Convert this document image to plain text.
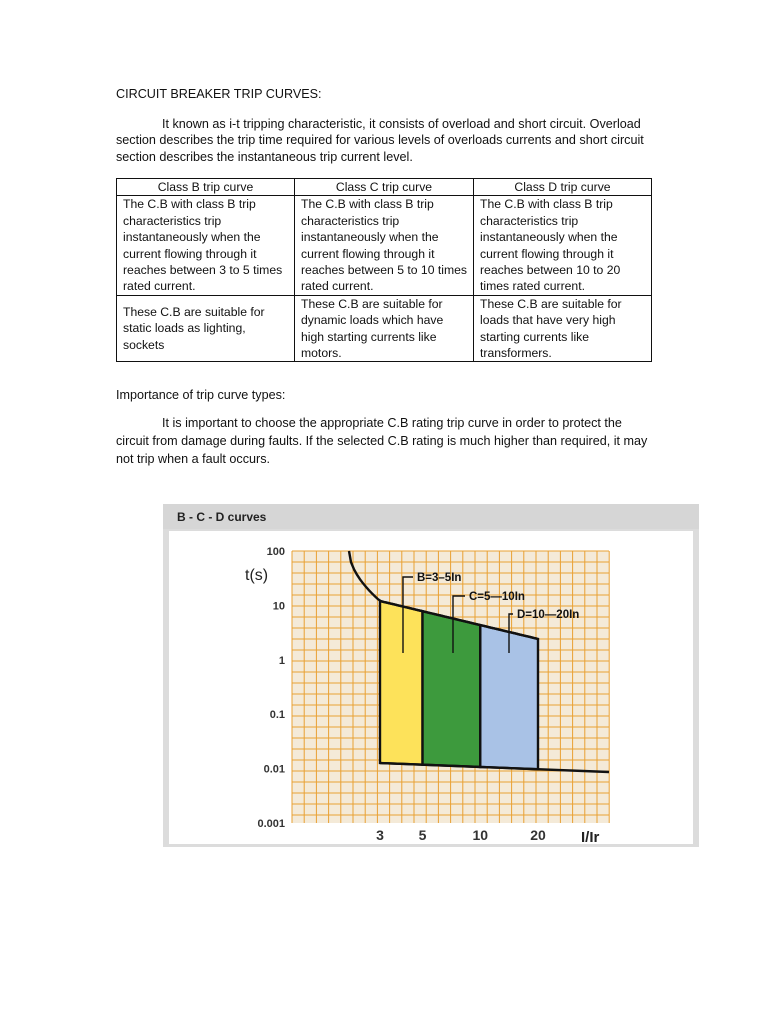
CIRCUIT BREAKER TRIP CURVES:

It known as i-t tripping characteristic, it consists of overload and short circuit. Overload section describes the trip time required for various levels of overloads currents and short circuit section describes the instantaneous trip current level.

Class B trip curve	Class C trip curve	Class D trip curve
The C.B with class B trip characteristics trip instantaneously when the current flowing through it reaches between 3 to 5 times rated current.	The C.B with class B trip characteristics trip instantaneously when the current flowing through it reaches between 5 to 10 times rated current.	The C.B with class B trip characteristics trip instantaneously when the current flowing through it reaches between 10 to 20 times rated current.
These C.B are suitable for static loads as lighting, sockets	These C.B are suitable for dynamic loads which have high starting currents like motors.	These C.B are suitable for loads that have very high starting currents like transformers.

Importance of trip curve types:

It is important to choose the appropriate C.B rating trip curve in order to protect the circuit from damage during faults. If the selected C.B rating is much higher than required, it may not trip when a fault occurs.

B - C - D curves
B=3–5In
C=5—10In
D=10—20In
100
10
1
0.1
0.01
0.001
3 5	10	20
t(s)
I/Ir
